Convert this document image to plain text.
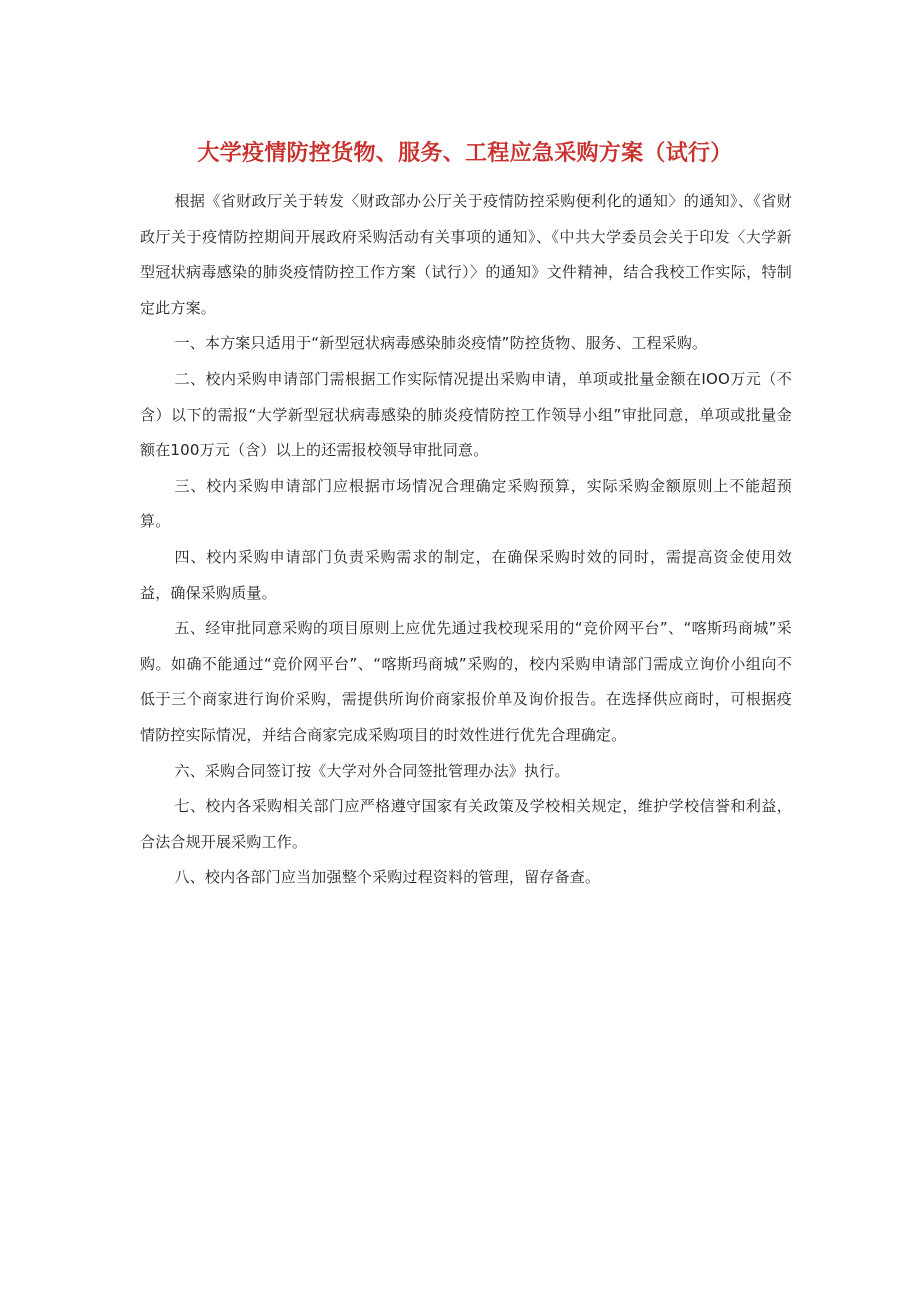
大学疫情防控货物、服务、工程应急采购方案（试行）

根据《省财政厅关于转发〈财政部办公厅关于疫情防控采购便利化的通知〉的通知》、《省财政厅关于疫情防控期间开展政府采购活动有关事项的通知》、《中共大学委员会关于印发〈大学新型冠状病毒感染的肺炎疫情防控工作方案（试行）〉的通知》文件精神，结合我校工作实际，特制定此方案。

一、本方案只适用于“新型冠状病毒感染肺炎疫情”防控货物、服务、工程采购。

二、校内采购申请部门需根据工作实际情况提出采购申请，单项或批量金额在IOO万元（不含）以下的需报“大学新型冠状病毒感染的肺炎疫情防控工作领导小组”审批同意，单项或批量金额在100万元（含）以上的还需报校领导审批同意。

三、校内采购申请部门应根据市场情况合理确定采购预算，实际采购金额原则上不能超预算。

四、校内采购申请部门负责采购需求的制定，在确保采购时效的同时，需提高资金使用效益，确保采购质量。

五、经审批同意采购的项目原则上应优先通过我校现采用的“竞价网平台”、“喀斯玛商城”采购。如确不能通过“竞价网平台”、“喀斯玛商城”采购的，校内采购申请部门需成立询价小组向不低于三个商家进行询价采购，需提供所询价商家报价单及询价报告。在选择供应商时，可根据疫情防控实际情况，并结合商家完成采购项目的时效性进行优先合理确定。

六、采购合同签订按《大学对外合同签批管理办法》执行。

七、校内各采购相关部门应严格遵守国家有关政策及学校相关规定，维护学校信誉和利益，合法合规开展采购工作。

八、校内各部门应当加强整个采购过程资料的管理，留存备查。
